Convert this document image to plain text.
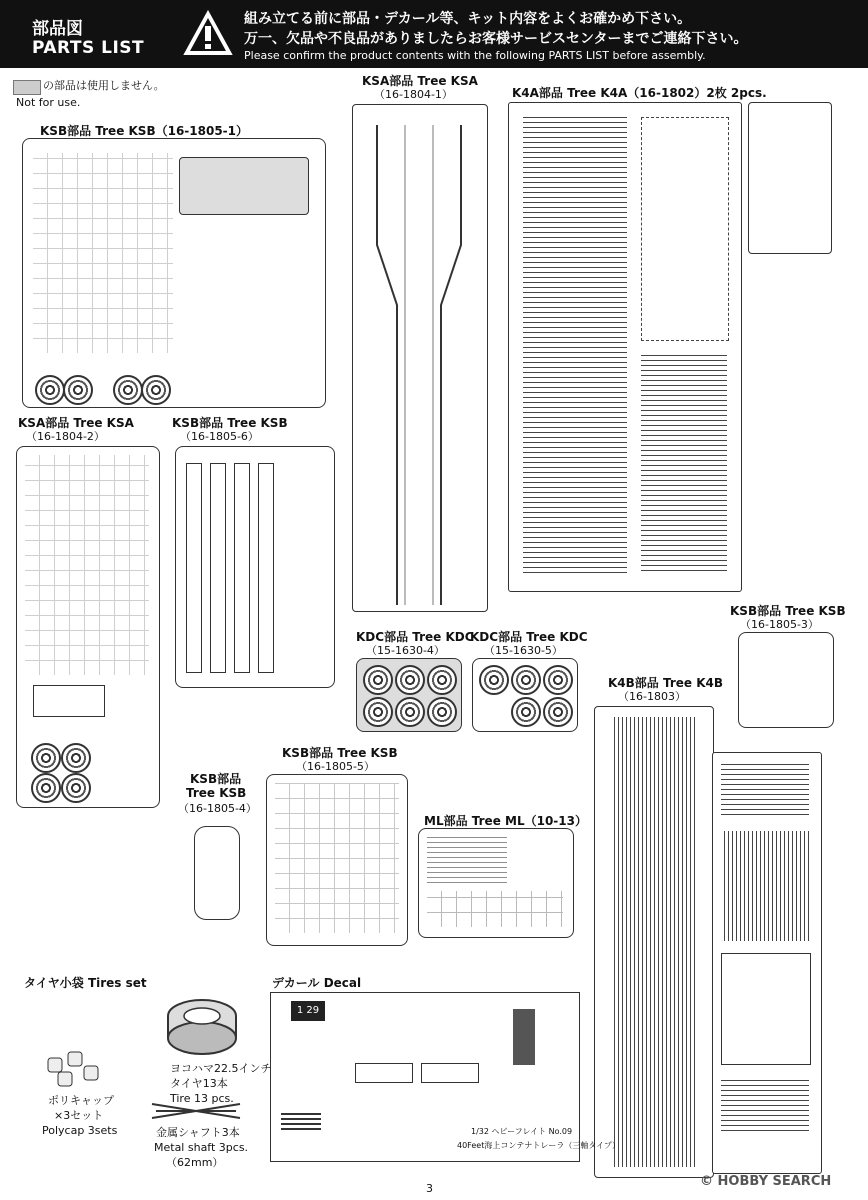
部品図
PARTS LIST
組み立てる前に部品・デカール等、キット内容をよくお確かめ下さい。
万一、欠品や不良品がありましたらお客様サービスセンターまでご連絡下さい。
Please confirm the product contents with the following PARTS LIST before assembly.
の部品は使用しません。
Not for use.
KSB部品 Tree KSB（16-1805-1）
KSA部品 Tree KSA
（16-1804-1）	K4A部品 Tree K4A（16-1802）2枚 2pcs.
KSA部品 Tree KSA
（16-1804-2）
KSB部品 Tree KSB
（16-1805-6）
KDC部品 Tree KDC
（15-1630-4）
KDC部品 Tree KDC
（15-1630-5）
KSB部品 Tree KSB
（16-1805-3）
K4B部品 Tree K4B
（16-1803）
KSB部品 Tree KSB
（16-1805-5）
KSB部品
Tree KSB
（16-1805-4）
ML部品 Tree ML（10-13）
タイヤ小袋 Tires set
ヨコハマ22.5インチ
タイヤ13本
Tire 13 pcs.
ポリキャップ
×3セット
Polycap 3sets	金属シャフト3本
Metal shaft 3pcs.
（62mm）
デカール Decal
1 29
1/32 ヘビーフレイト No.09
40Feet海上コンテナトレーラ（三軸タイプ）
3	© HOBBY SEARCH
